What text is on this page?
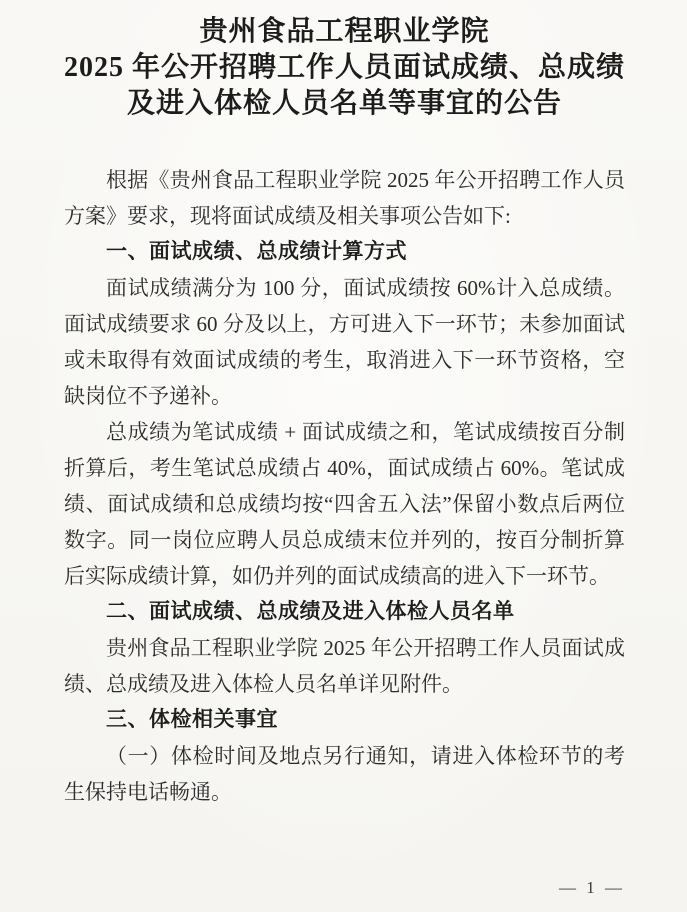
贵州食品工程职业学院
2025 年公开招聘工作人员面试成绩、总成绩
及进入体检人员名单等事宜的公告

根据《贵州食品工程职业学院 2025 年公开招聘工作人员方案》要求，现将面试成绩及相关事项公告如下:

一、面试成绩、总成绩计算方式

面试成绩满分为 100 分，面试成绩按 60%计入总成绩。面试成绩要求 60 分及以上，方可进入下一环节；未参加面试或未取得有效面试成绩的考生，取消进入下一环节资格，空缺岗位不予递补。

总成绩为笔试成绩 + 面试成绩之和，笔试成绩按百分制折算后，考生笔试总成绩占 40%，面试成绩占 60%。笔试成绩、面试成绩和总成绩均按“四舍五入法”保留小数点后两位数字。同一岗位应聘人员总成绩末位并列的，按百分制折算后实际成绩计算，如仍并列的面试成绩高的进入下一环节。

二、面试成绩、总成绩及进入体检人员名单

贵州食品工程职业学院 2025 年公开招聘工作人员面试成绩、总成绩及进入体检人员名单详见附件。

三、体检相关事宜

（一）体检时间及地点另行通知，请进入体检环节的考生保持电话畅通。

— 1 —
